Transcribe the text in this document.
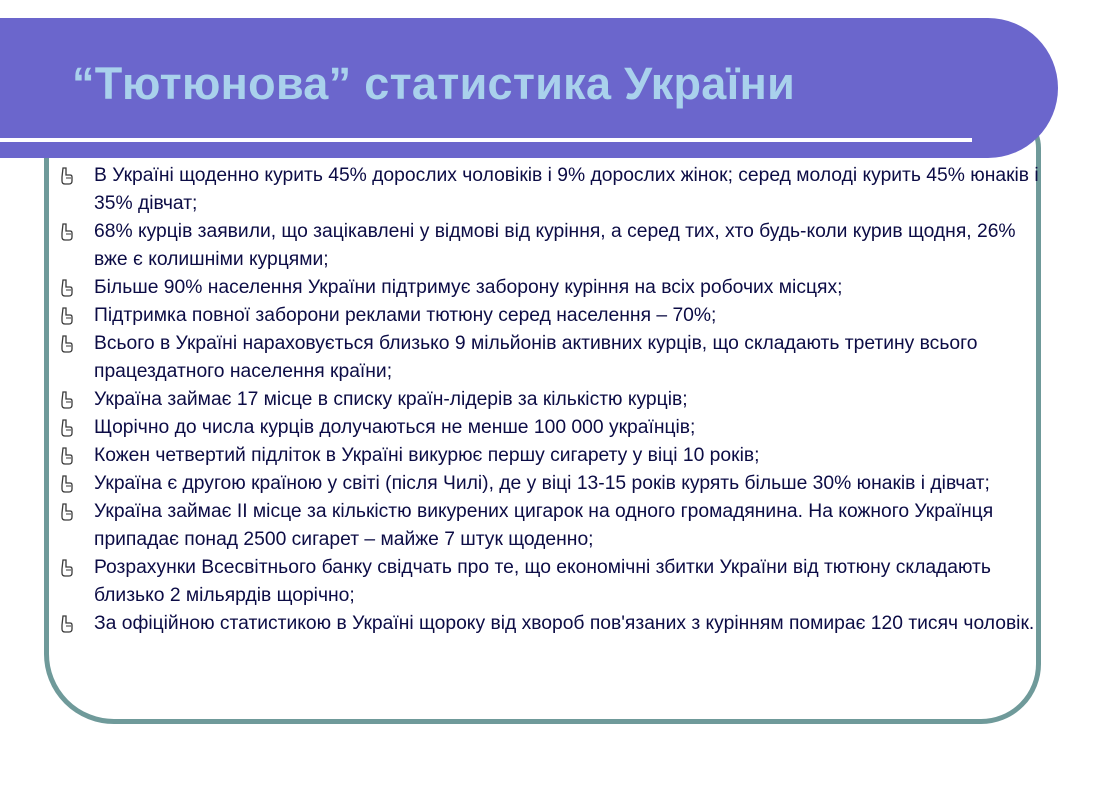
“Тютюнова” статистика України
В Україні щоденно курить 45% дорослих чоловіків і 9% дорослих жінок; серед молоді курить 45% юнаків і 35% дівчат;
68% курців заявили, що зацікавлені у відмові від куріння, а серед тих, хто будь-коли курив щодня, 26% вже є колишніми курцями;
Більше 90% населення України підтримує заборону куріння на всіх робочих місцях;
Підтримка повної заборони реклами тютюну серед населення – 70%;
Всього в Україні нараховується близько 9 мільйонів активних курців, що складають третину всього працездатного населення країни;
Україна займає 17 місце в списку країн-лідерів за кількістю курців;
Щорічно до числа курців долучаються не менше 100 000 українців;
Кожен четвертий підліток в Україні викурює першу сигарету у віці 10 років;
Україна є другою країною у світі (після Чилі), де у віці 13-15 років курять більше 30% юнаків і дівчат;
Україна займає ІІ місце за кількістю викурених цигарок на одного громадянина. На кожного Українця припадає понад 2500 сигарет – майже 7 штук щоденно;
Розрахунки Всесвітнього банку свідчать про те, що економічні збитки України від тютюну складають близько 2 мільярдів щорічно;
За офіційною статистикою в Україні щороку від хвороб пов'язаних з курінням помирає 120 тисяч чоловік.
